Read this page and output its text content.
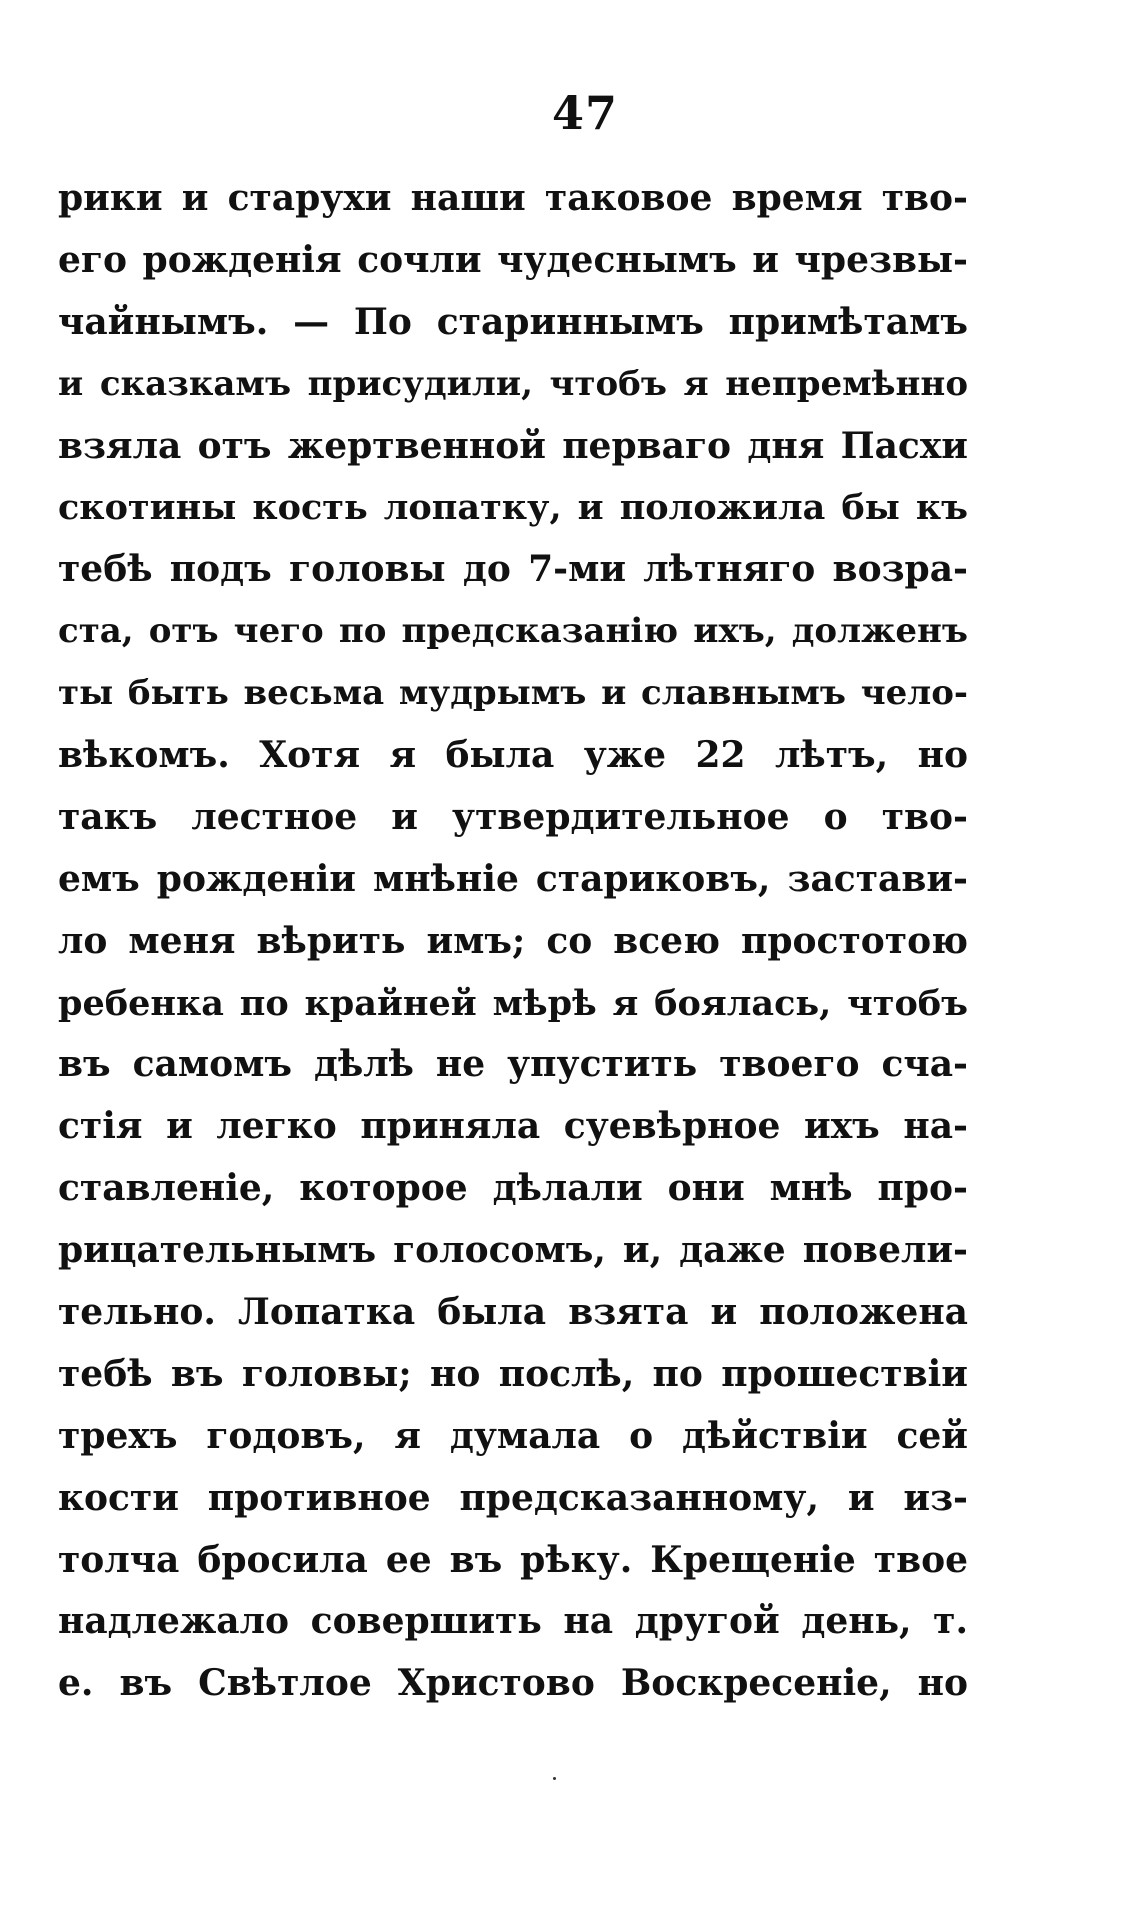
47
рики и старухи наши таковое время тво-
его рожденія сочли чудеснымъ и чрезвы-
чайнымъ. — По стариннымъ примѣтамъ
и сказкамъ присудили, чтобъ я непремѣнно
взяла отъ жертвенной перваго дня Пасхи
скотины кость лопатку, и положила бы къ
тебѣ подъ головы до 7-ми лѣтняго возра-
ста, отъ чего по предсказанію ихъ, долженъ
ты быть весьма мудрымъ и славнымъ чело-
вѣкомъ. Хотя я была уже 22 лѣтъ, но
такъ лестное и утвердительное о тво-
емъ рожденіи мнѣніе стариковъ, застави-
ло меня вѣрить имъ; со всею простотою
ребенка по крайней мѣрѣ я боялась, чтобъ
въ самомъ дѣлѣ не упустить твоего сча-
стія и легко приняла суевѣрное ихъ на-
ставленіе, которое дѣлали они мнѣ про-
рицательнымъ голосомъ, и, даже повели-
тельно. Лопатка была взята и положена
тебѣ въ головы; но послѣ, по прошествіи
трехъ годовъ, я думала о дѣйствіи сей
кости противное предсказанному, и из-
толча бросила ее въ рѣку. Крещеніе твое
надлежало совершить на другой день, т.
е. въ Свѣтлое Христово Воскресеніе, но
